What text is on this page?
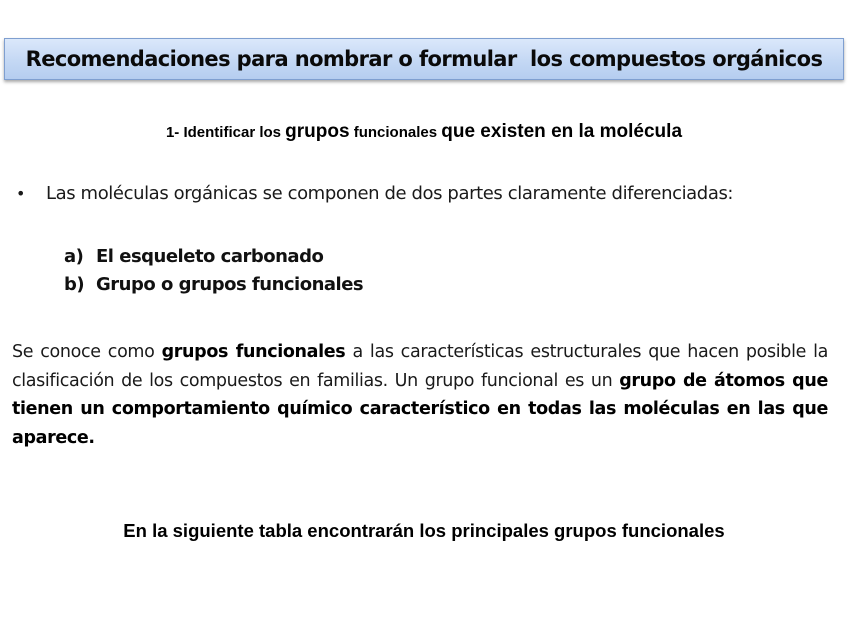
Recomendaciones para nombrar o formular  los compuestos orgánicos
1- Identificar los grupos funcionales que existen en la molécula
•	Las moléculas orgánicas se componen de dos partes claramente diferenciadas:
a) El esqueleto carbonado
b) Grupo o grupos funcionales
Se conoce como grupos funcionales a las características estructurales que hacen posible la clasificación de los compuestos en familias. Un grupo funcional es un grupo de átomos que tienen un comportamiento químico característico en todas las moléculas en las que aparece.
En la siguiente tabla encontrarán los principales grupos funcionales
